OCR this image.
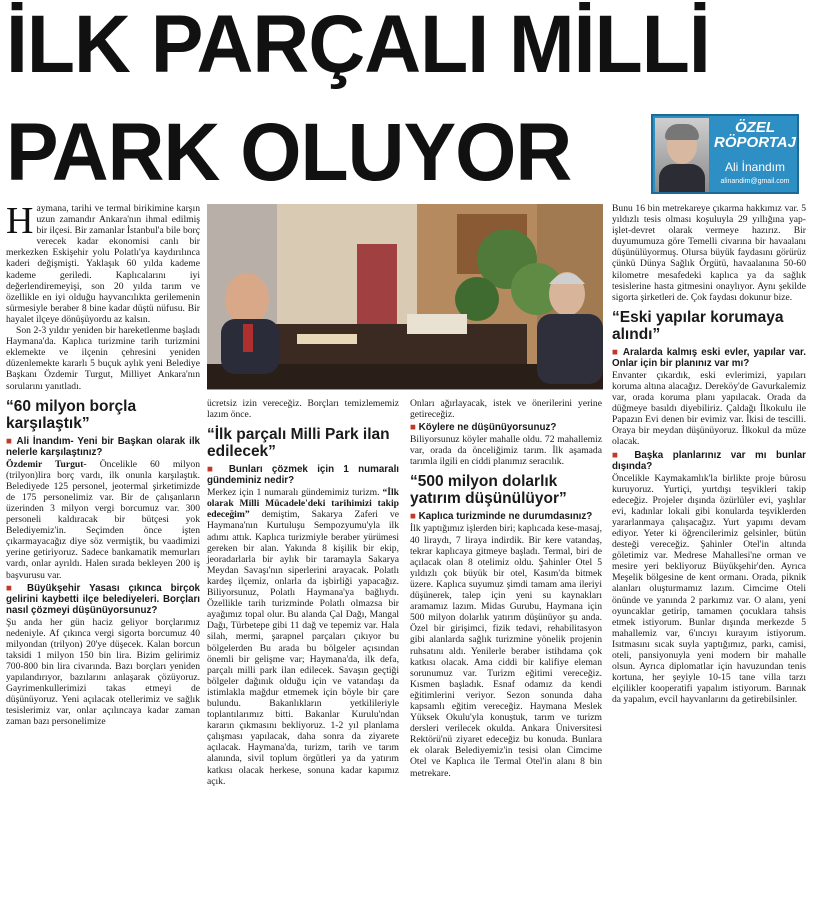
İLK PARÇALI MİLLİ
PARK OLUYOR	ÖZEL
RÖPORTAJ
Ali İnandım
alinandim@gmail.com

Haymana, tarihi ve termal birikimine karşın uzun zamandır Ankara'nın ihmal edilmiş bir ilçesi. Bir zamanlar İstanbul'a bile borç verecek kadar ekonomisi canlı bir merkezken Eskişehir yolu Polatlı'ya kaydırılınca kaderi değişmişti. Yaklaşık 60 yılda kademe kademe geriledi. Kaplıcalarını iyi değerlendiremeyişi, son 20 yılda tarım ve özellikle en iyi olduğu hayvancılıkta gerilemenin sürmesiyle beraber 8 bine kadar düştü nüfusu. Bir hayalet ilçeye dönüşüyordu az kalsın.

Son 2-3 yıldır yeniden bir hareketlenme başladı Haymana'da. Kaplıca turizmine tarih turizmini eklemekte ve ilçenin çehresini yeniden düzenlemekte kararlı 5 buçuk aylık yeni Belediye Başkanı Özdemir Turgut, Milliyet Ankara'nın sorularını yanıtladı.

“60 milyon borçla karşılaştık”
■ Ali İnandım- Yeni bir Başkan olarak ilk nelerle karşılaştınız?

Özdemir Turgut- Öncelikle 60 milyon (trilyon)lira borç vardı, ilk onunla karşılaştık. Belediyede 125 personel, jeotermal şirketimizde de 175 personelimiz var. Bir de çalışanların üzerinden 3 milyon vergi borcumuz var. 300 personeli kaldıracak bir bütçesi yok Belediyemiz'in. Seçimden önce işten çıkarmayacağız diye söz vermiştik, bu vaadimizi yerine getiriyoruz. Sadece bankamatik memurları vardı, onlar ayrıldı. Halen sırada bekleyen 200 iş başvurusu var.

■ Büyükşehir Yasası çıkınca birçok gelirini kaybetti ilçe belediyeleri. Borçları nasıl çözmeyi düşünüyorsunuz?

Şu anda her gün haciz geliyor borçlarımız nedeniyle. Af çıkınca vergi sigorta borcumuz 40 milyondan (trilyon) 20'ye düşecek. Kalan borcun taksidi 1 milyon 150 bin lira. Bizim gelirimiz 700-800 bin lira civarında. Bazı borçları yeniden yapılandırıyor, bazılarını anlaşarak çözüyoruz. Gayrimenkullerimizi takas etmeyi de düşünüyoruz. Yeni açılacak otellerimiz ve sağlık tesislerimiz var, onlar açılıncaya kadar zaman zaman bazı personelimize

ücretsiz izin vereceğiz. Borçları temizlememiz lazım önce.

“İlk parçalı Milli Park ilan edilecek”
■ Bunları çözmek için 1 numaralı gündeminiz nedir?

Merkez için 1 numaralı gündemimiz turizm. “İlk olarak Milli Mücadele'deki tarihimizi takip edeceğim” demiştim, Sakarya Zaferi ve Haymana'nın Kurtuluşu Sempozyumu'yla ilk adımı attık. Kaplıca turizmiyle beraber yürümesi gereken bir alan. Yakında 8 kişilik bir ekip, jeoradarlarla bir aylık bir taramayla Sakarya Meydan Savaşı'nın siperlerini arayacak. Polatlı kardeş ilçemiz, onlarla da işbirliği yapacağız. Biliyorsunuz, Polatlı Haymana'ya bağlıydı. Özellikle tarih turizminde Polatlı olmazsa bir ayağımız topal olur. Bu alanda Çal Dağı, Mangal Dağı, Türbetepe gibi 11 dağ ve tepemiz var. Hala silah, mermi, şarapnel parçaları çıkıyor bu bölgelerden Bu arada bu bölgeler açısından önemli bir gelişme var; Haymana'da, ilk defa, parçalı milli park ilan edilecek. Savaşın geçtiği bölgeler dağınık olduğu için ve vatandaşı da istimlakla mağdur etmemek için böyle bir çare bulundu. Bakanlıkların yetkilileriyle toplantılarımız bitti. Bakanlar Kurulu'ndan kararın çıkmasını bekliyoruz. 1-2 yıl planlama çalışması yapılacak, daha sonra da ziyarete açılacak. Haymana'da, turizm, tarih ve tarım alanında, sivil toplum örgütleri ya da yatırım katkısı olacak herkese, sonuna kadar kapımız açık.

Onları ağırlayacak, istek ve önerilerini yerine getireceğiz.

■ Köylere ne düşünüyorsunuz?

Biliyorsunuz köyler mahalle oldu. 72 mahallemiz var, orada da önceliğimiz tarım. İlk aşamada tarımla ilgili en ciddi planımız seracılık.

“500 milyon dolarlık yatırım düşünülüyor”
■ Kaplıca turizminde ne durumdasınız?

İlk yaptığımız işlerden biri; kaplıcada kese-masaj, 40 liraydı, 7 liraya indirdik. Bir kere vatandaş, tekrar kaplıcaya gitmeye başladı. Termal, biri de açılacak olan 8 otelimiz oldu. Şahinler Otel 5 yıldızlı çok büyük bir otel, Kasım'da bitmek üzere. Kaplıca suyumuz şimdi tamam ama ileriyi düşünerek, talep için yeni su kaynakları aramamız lazım. Midas Gurubu, Haymana için 500 milyon dolarlık yatırım düşünüyor şu anda. Özel bir girişimci, fizik tedavi, rehabilitasyon gibi alanlarda sağlık turizmine yönelik projenin ruhsatını aldı. Yenilerle beraber istihdama çok katkısı olacak. Ama ciddi bir kalifiye eleman sorunumuz var. Turizm eğitimi vereceğiz. Kısmen başladık. Esnaf odamız da kendi eğitimlerini veriyor. Sezon sonunda daha kapsamlı eğitim vereceğiz. Haymana Meslek Yüksek Okulu'yla konuştuk, tarım ve turizm dersleri verilecek okulda. Ankara Üniversitesi Rektörü'nü ziyaret edeceğiz bu konuda. Bunlara ek olarak Belediyemiz'in tesisi olan Cimcime Otel ve Kaplıca ile Termal Otel'in alanı 8 bin metrekare.

Bunu 16 bin metrekareye çıkarma hakkımız var. 5 yıldızlı tesis olması koşuluyla 29 yıllığına yap-işlet-devret olarak vermeye hazırız. Bir duyumumuza göre Temelli civarına bir havaalanı düşünülüyormuş. Olursa büyük faydasını görürüz çünkü Dünya Sağlık Örgütü, havaalanına 50-60 kilometre mesafedeki kaplıca ya da sağlık tesislerine hasta gitmesini onaylıyor. Aynı şekilde sigorta şirketleri de. Çok faydası dokunur bize.

“Eski yapılar korumaya alındı”
■ Aralarda kalmış eski evler, yapılar var. Onlar için bir planınız var mı?

Envanter çıkardık, eski evlerimizi, yapıları koruma altına alacağız. Dereköy'de Gavurkalemiz var, orada koruma planı yapılacak. Orada da düğmeye basıldı diyebiliriz. Çaldağı İlkokulu ile Papazın Evi denen bir evimiz var. İkisi de tescilli. Oraya bir meydan düşünüyoruz. İlkokul da müze olacak.

■ Başka planlarınız var mı bunlar dışında?

Öncelikle Kaymakamlık'la birlikte proje bürosu kuruyoruz. Yurtiçi, yurtdışı teşvikleri takip edeceğiz. Projeler dışında özürlüler evi, yaşlılar evi, kadınlar lokali gibi konularda teşviklerden yararlanmaya çalışacağız. Yurt yapımı devam ediyor. Yeter ki öğrencilerimiz gelsinler, bütün desteği vereceğiz. Şahinler Otel'in altında göletimiz var. Medrese Mahallesi'ne orman ve mesire yeri bekliyoruz Büyükşehir'den. Ayrıca Meşelik bölgesine de kent ormanı. Orada, piknik alanları oluşturmamız lazım. Cimcime Oteli önünde ve yanında 2 parkımız var. O alanı, yeni oyuncaklar getirip, tamamen çocuklara tahsis etmek istiyorum. Bunlar dışında merkezde 5 mahallemiz var, 6'ıncıyı kurayım istiyorum. Isıtmasını sıcak suyla yaptığımız, parkı, camisi, oteli, pansiyonuyla yeni modern bir mahalle olsun. Ayrıca diplomatlar için havuzundan tenis kortuna, her şeyiyle 10-15 tane villa tarzı elçilikler kooperatifi yapalım istiyorum. Barınak da yapalım, evcil hayvanlarını da getirebilsinler.
